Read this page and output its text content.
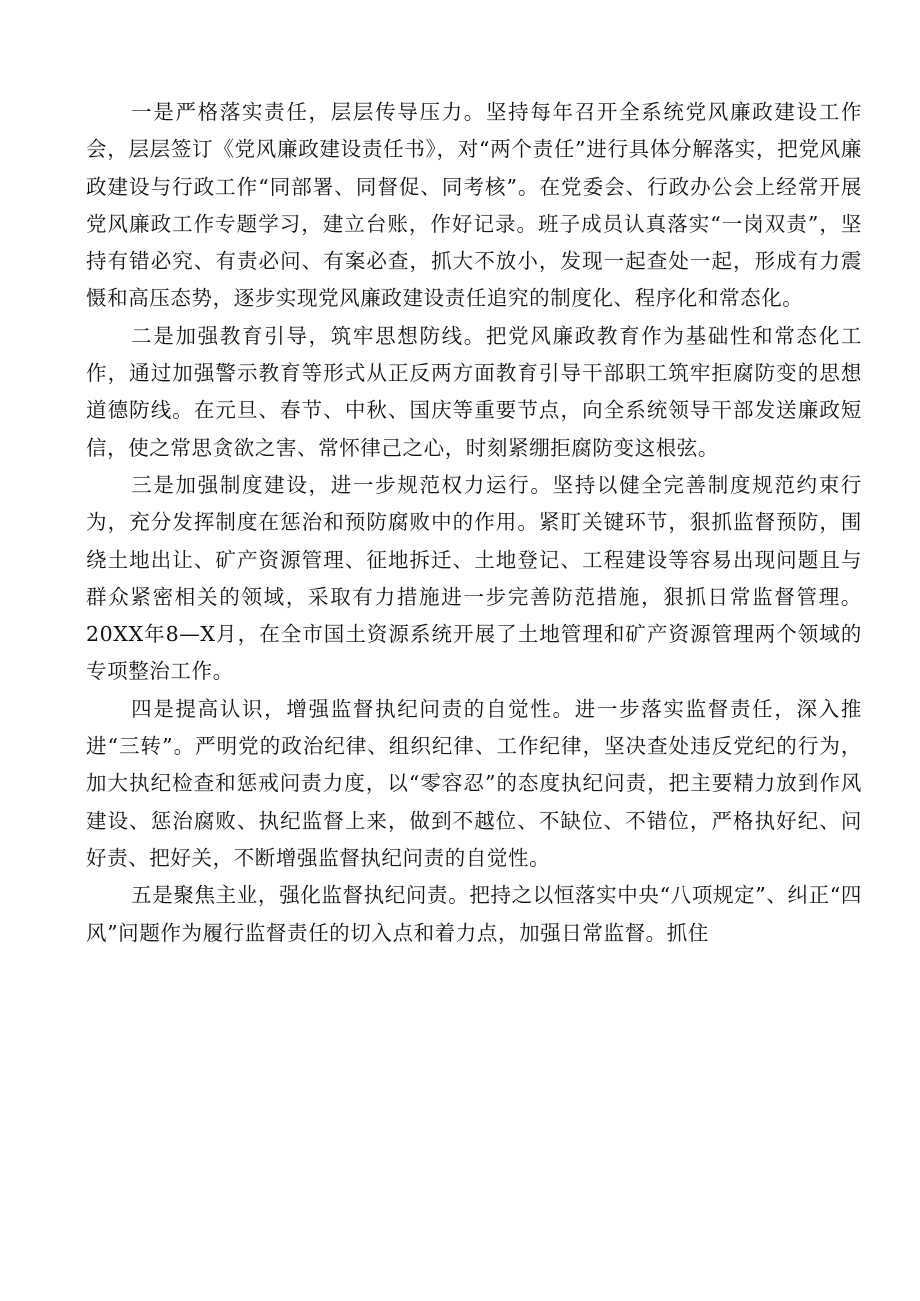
一是严格落实责任，层层传导压力。坚持每年召开全系统党风廉政建设工作会，层层签订《党风廉政建设责任书》，对“两个责任”进行具体分解落实，把党风廉政建设与行政工作“同部署、同督促、同考核”。在党委会、行政办公会上经常开展党风廉政工作专题学习，建立台账，作好记录。班子成员认真落实“一岗双责”，坚持有错必究、有责必问、有案必查，抓大不放小，发现一起查处一起，形成有力震慑和高压态势，逐步实现党风廉政建设责任追究的制度化、程序化和常态化。

二是加强教育引导，筑牢思想防线。把党风廉政教育作为基础性和常态化工作，通过加强警示教育等形式从正反两方面教育引导干部职工筑牢拒腐防变的思想道德防线。在元旦、春节、中秋、国庆等重要节点，向全系统领导干部发送廉政短信，使之常思贪欲之害、常怀律己之心，时刻紧绷拒腐防变这根弦。

三是加强制度建设，进一步规范权力运行。坚持以健全完善制度规范约束行为，充分发挥制度在惩治和预防腐败中的作用。紧盯关键环节，狠抓监督预防，围绕土地出让、矿产资源管理、征地拆迁、土地登记、工程建设等容易出现问题且与群众紧密相关的领域，采取有力措施进一步完善防范措施，狠抓日常监督管理。20XX年8—X月，在全市国土资源系统开展了土地管理和矿产资源管理两个领域的专项整治工作。

四是提高认识，增强监督执纪问责的自觉性。进一步落实监督责任，深入推进“三转”。严明党的政治纪律、组织纪律、工作纪律，坚决查处违反党纪的行为，加大执纪检查和惩戒问责力度，以“零容忍”的态度执纪问责，把主要精力放到作风建设、惩治腐败、执纪监督上来，做到不越位、不缺位、不错位，严格执好纪、问好责、把好关，不断增强监督执纪问责的自觉性。

五是聚焦主业，强化监督执纪问责。把持之以恒落实中央“八项规定”、纠正“四风”问题作为履行监督责任的切入点和着力点，加强日常监督。抓住
